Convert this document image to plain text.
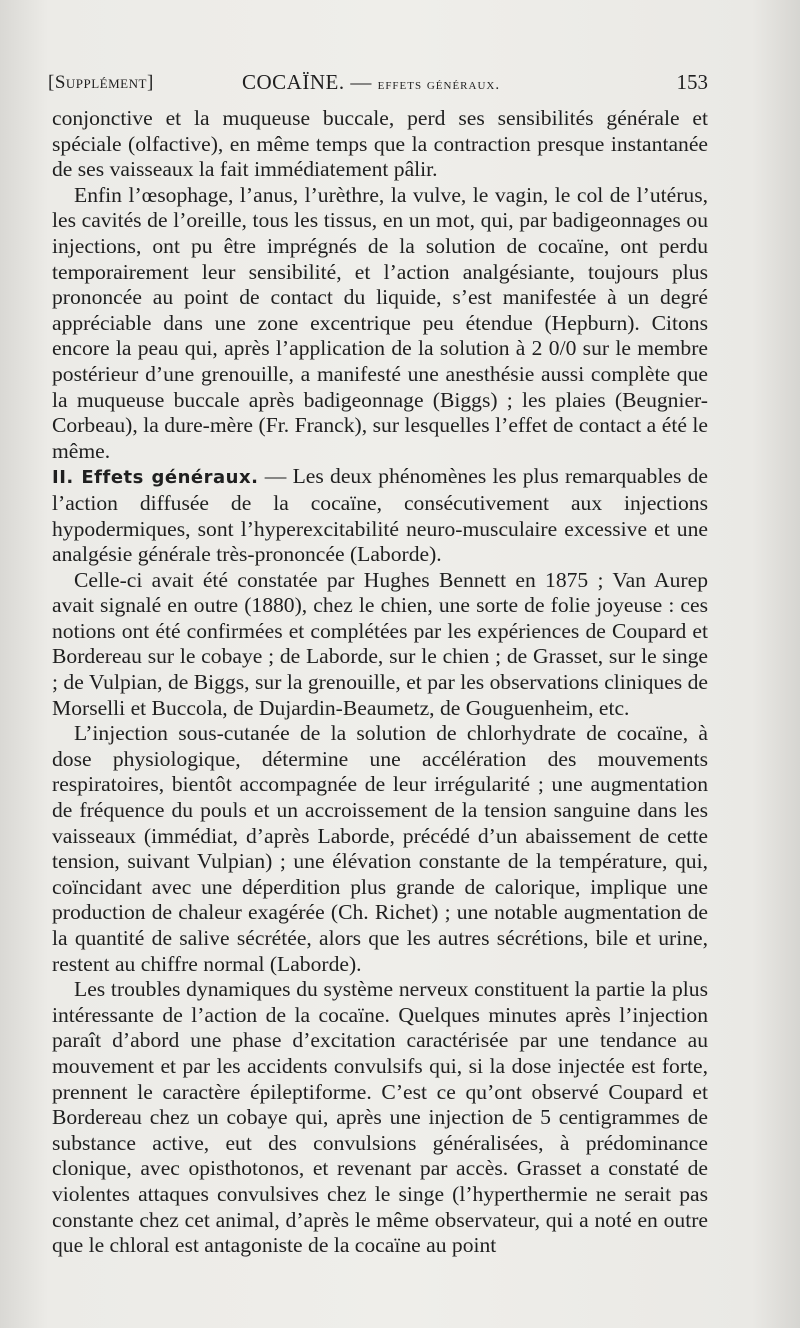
[Supplément]	COCAÏNE. — effets généraux.	153

conjonctive et la muqueuse buccale, perd ses sensibilités générale et spéciale (olfactive), en même temps que la contraction presque instantanée de ses vaisseaux la fait immédiatement pâlir.

Enfin l’œsophage, l’anus, l’urèthre, la vulve, le vagin, le col de l’utérus, les cavités de l’oreille, tous les tissus, en un mot, qui, par badigeonnages ou injections, ont pu être imprégnés de la solution de cocaïne, ont perdu temporairement leur sensibilité, et l’action analgésiante, toujours plus prononcée au point de contact du liquide, s’est manifestée à un degré appréciable dans une zone excentrique peu étendue (Hepburn). Citons encore la peau qui, après l’application de la solution à 2 0/0 sur le membre postérieur d’une grenouille, a manifesté une anesthésie aussi complète que la muqueuse buccale après badigeonnage (Biggs) ; les plaies (Beugnier-Corbeau), la dure-mère (Fr. Franck), sur lesquelles l’effet de contact a été le même.

II. Effets généraux. — Les deux phénomènes les plus remarquables de l’action diffusée de la cocaïne, consécutivement aux injections hypodermiques, sont l’hyperexcitabilité neuro-musculaire excessive et une analgésie générale très-prononcée (Laborde).

Celle-ci avait été constatée par Hughes Bennett en 1875 ; Van Aurep avait signalé en outre (1880), chez le chien, une sorte de folie joyeuse : ces notions ont été confirmées et complétées par les expériences de Coupard et Bordereau sur le cobaye ; de Laborde, sur le chien ; de Grasset, sur le singe ; de Vulpian, de Biggs, sur la grenouille, et par les observations cliniques de Morselli et Buccola, de Dujardin-Beaumetz, de Gouguenheim, etc.

L’injection sous-cutanée de la solution de chlorhydrate de cocaïne, à dose physiologique, détermine une accélération des mouvements respiratoires, bientôt accompagnée de leur irrégularité ; une augmentation de fréquence du pouls et un accroissement de la tension sanguine dans les vaisseaux (immédiat, d’après Laborde, précédé d’un abaissement de cette tension, suivant Vulpian) ; une élévation constante de la température, qui, coïncidant avec une déperdition plus grande de calorique, implique une production de chaleur exagérée (Ch. Richet) ; une notable augmentation de la quantité de salive sécrétée, alors que les autres sécrétions, bile et urine, restent au chiffre normal (Laborde).

Les troubles dynamiques du système nerveux constituent la partie la plus intéressante de l’action de la cocaïne. Quelques minutes après l’injection paraît d’abord une phase d’excitation caractérisée par une tendance au mouvement et par les accidents convulsifs qui, si la dose injectée est forte, prennent le caractère épileptiforme. C’est ce qu’ont observé Coupard et Bordereau chez un cobaye qui, après une injection de 5 centigrammes de substance active, eut des convulsions généralisées, à prédominance clonique, avec opisthotonos, et revenant par accès. Grasset a constaté de violentes attaques convulsives chez le singe (l’hyperthermie ne serait pas constante chez cet animal, d’après le même observateur, qui a noté en outre que le chloral est antagoniste de la cocaïne au point
